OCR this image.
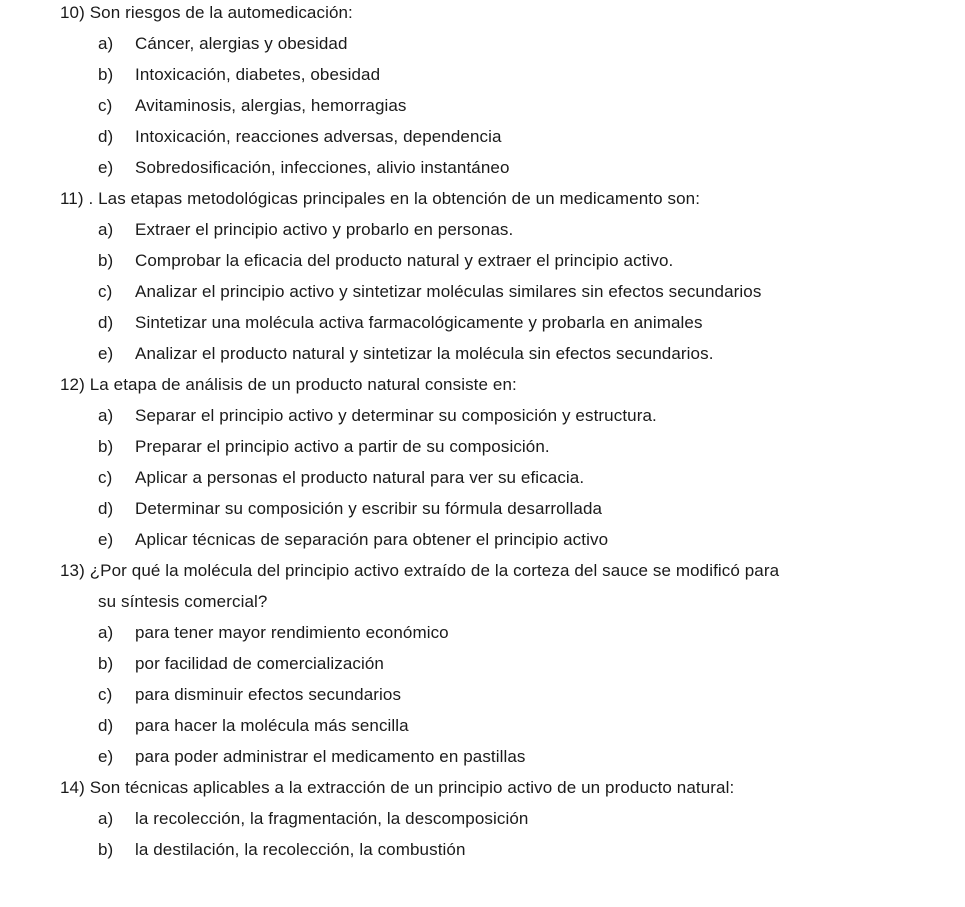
10) Son riesgos de la automedicación:
a) Cáncer, alergias y obesidad
b) Intoxicación, diabetes, obesidad
c) Avitaminosis, alergias, hemorragias
d) Intoxicación, reacciones adversas, dependencia
e) Sobredosificación, infecciones, alivio instantáneo
11) . Las etapas metodológicas principales en la obtención de un medicamento son:
a) Extraer el principio activo y probarlo en personas.
b) Comprobar la eficacia del producto natural y extraer el principio activo.
c) Analizar el principio activo y sintetizar moléculas similares sin efectos secundarios
d) Sintetizar una molécula activa farmacológicamente y probarla en animales
e) Analizar el producto natural y sintetizar la molécula sin efectos secundarios.
12) La etapa de análisis de un producto natural consiste en:
a) Separar el principio activo y determinar su composición y estructura.
b) Preparar el principio activo a partir de su composición.
c) Aplicar a personas el producto natural para ver su eficacia.
d) Determinar su composición y escribir su fórmula desarrollada
e) Aplicar técnicas de separación para obtener el principio activo
13) ¿Por qué la molécula del principio activo extraído de la corteza del sauce se modificó para
su síntesis comercial?
a) para tener mayor rendimiento económico
b) por facilidad de comercialización
c) para disminuir efectos secundarios
d) para hacer la molécula más sencilla
e) para poder administrar el medicamento en pastillas
14) Son técnicas aplicables a la extracción de un principio activo de un producto natural:
a) la recolección, la fragmentación, la descomposición
b) la destilación, la recolección, la combustión
